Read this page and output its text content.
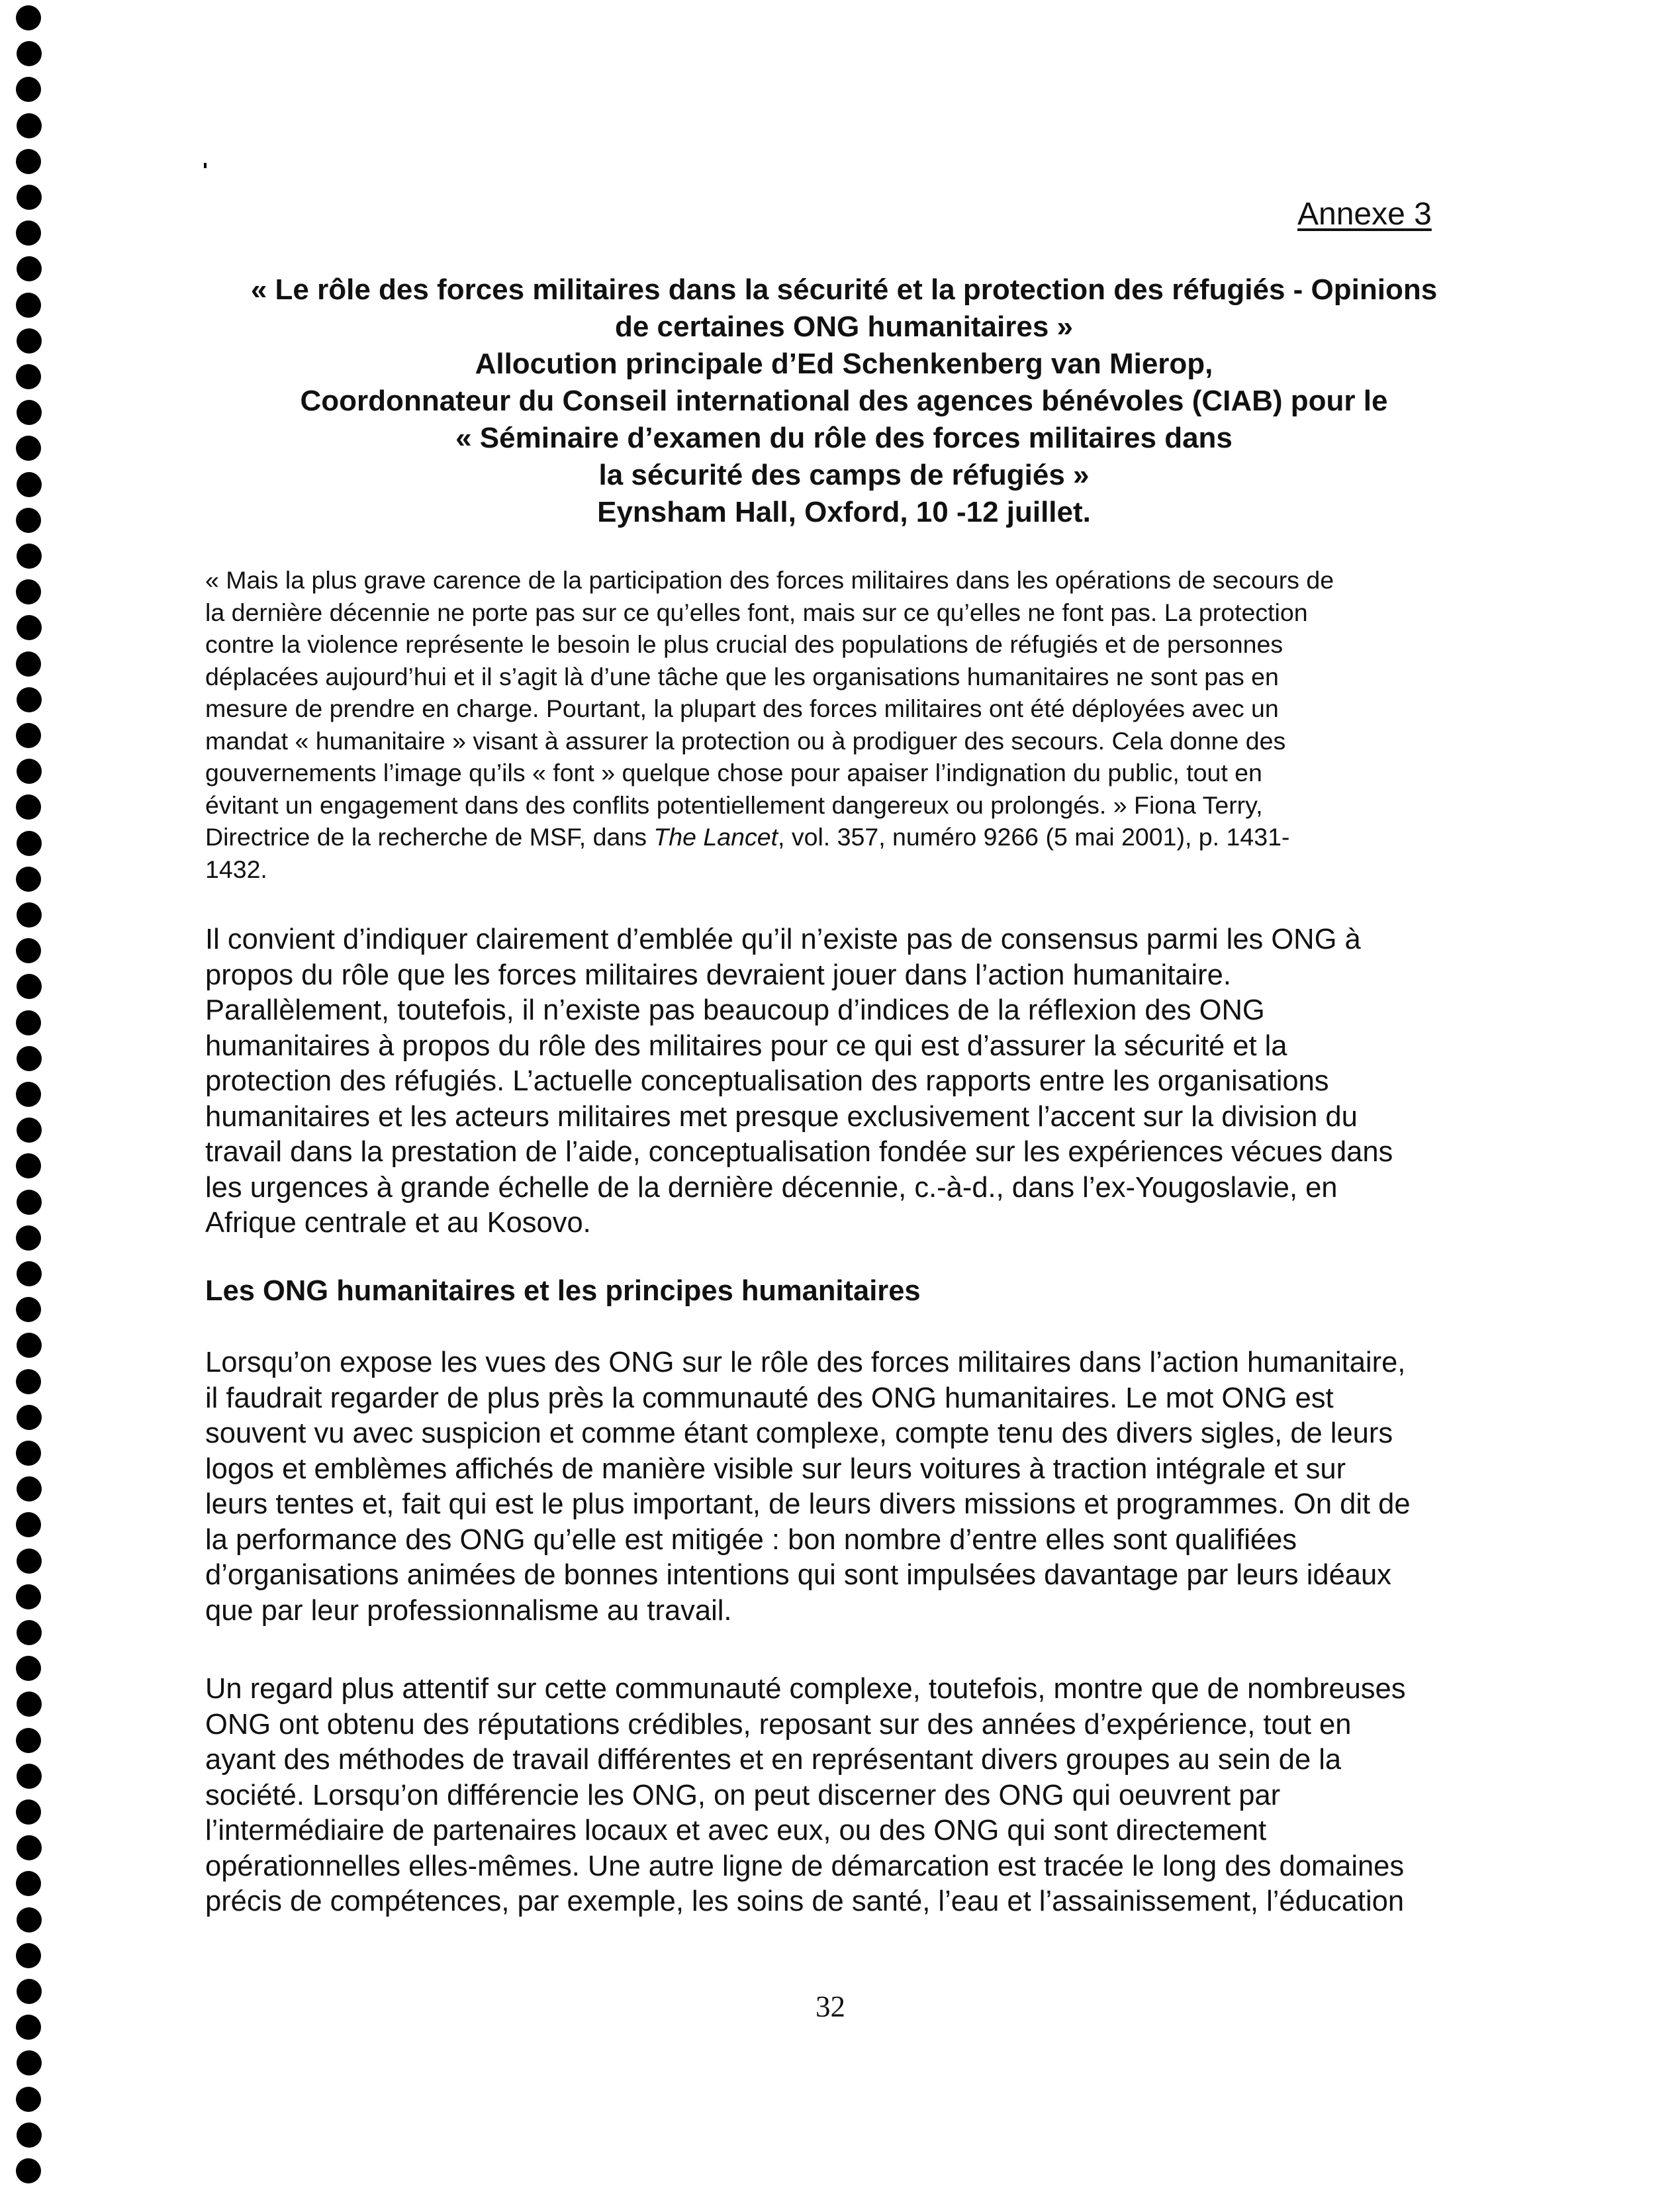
Annexe 3
« Le rôle des forces militaires dans la sécurité et la protection des réfugiés - Opinions
de certaines ONG humanitaires »
Allocution principale d’Ed Schenkenberg van Mierop,
Coordonnateur du Conseil international des agences bénévoles (CIAB) pour le
« Séminaire d’examen du rôle des forces militaires dans
la sécurité des camps de réfugiés »
Eynsham Hall, Oxford, 10 -12 juillet.
« Mais la plus grave carence de la participation des forces militaires dans les opérations de secours de
la dernière décennie ne porte pas sur ce qu’elles font, mais sur ce qu’elles ne font pas. La protection
contre la violence représente le besoin le plus crucial des populations de réfugiés et de personnes
déplacées aujourd’hui et il s’agit là d’une tâche que les organisations humanitaires ne sont pas en
mesure de prendre en charge. Pourtant, la plupart des forces militaires ont été déployées avec un
mandat « humanitaire » visant à assurer la protection ou à prodiguer des secours. Cela donne des
gouvernements l’image qu’ils « font » quelque chose pour apaiser l’indignation du public, tout en
évitant un engagement dans des conflits potentiellement dangereux ou prolongés. » Fiona Terry,
Directrice de la recherche de MSF, dans The Lancet, vol. 357, numéro 9266 (5 mai 2001), p. 1431-
1432.
Il convient d’indiquer clairement d’emblée qu’il n’existe pas de consensus parmi les ONG à
propos du rôle que les forces militaires devraient jouer dans l’action humanitaire.
Parallèlement, toutefois, il n’existe pas beaucoup d’indices de la réflexion des ONG
humanitaires à propos du rôle des militaires pour ce qui est d’assurer la sécurité et la
protection des réfugiés. L’actuelle conceptualisation des rapports entre les organisations
humanitaires et les acteurs militaires met presque exclusivement l’accent sur la division du
travail dans la prestation de l’aide, conceptualisation fondée sur les expériences vécues dans
les urgences à grande échelle de la dernière décennie, c.-à-d., dans l’ex-Yougoslavie, en
Afrique centrale et au Kosovo.
Les ONG humanitaires et les principes humanitaires
Lorsqu’on expose les vues des ONG sur le rôle des forces militaires dans l’action humanitaire,
il faudrait regarder de plus près la communauté des ONG humanitaires. Le mot ONG est
souvent vu avec suspicion et comme étant complexe, compte tenu des divers sigles, de leurs
logos et emblèmes affichés de manière visible sur leurs voitures à traction intégrale et sur
leurs tentes et, fait qui est le plus important, de leurs divers missions et programmes. On dit de
la performance des ONG qu’elle est mitigée : bon nombre d’entre elles sont qualifiées
d’organisations animées de bonnes intentions qui sont impulsées davantage par leurs idéaux
que par leur professionnalisme au travail.
Un regard plus attentif sur cette communauté complexe, toutefois, montre que de nombreuses
ONG ont obtenu des réputations crédibles, reposant sur des années d’expérience, tout en
ayant des méthodes de travail différentes et en représentant divers groupes au sein de la
société. Lorsqu’on différencie les ONG, on peut discerner des ONG qui oeuvrent par
l’intermédiaire de partenaires locaux et avec eux, ou des ONG qui sont directement
opérationnelles elles-mêmes. Une autre ligne de démarcation est tracée le long des domaines
précis de compétences, par exemple, les soins de santé, l’eau et l’assainissement, l’éducation
32
